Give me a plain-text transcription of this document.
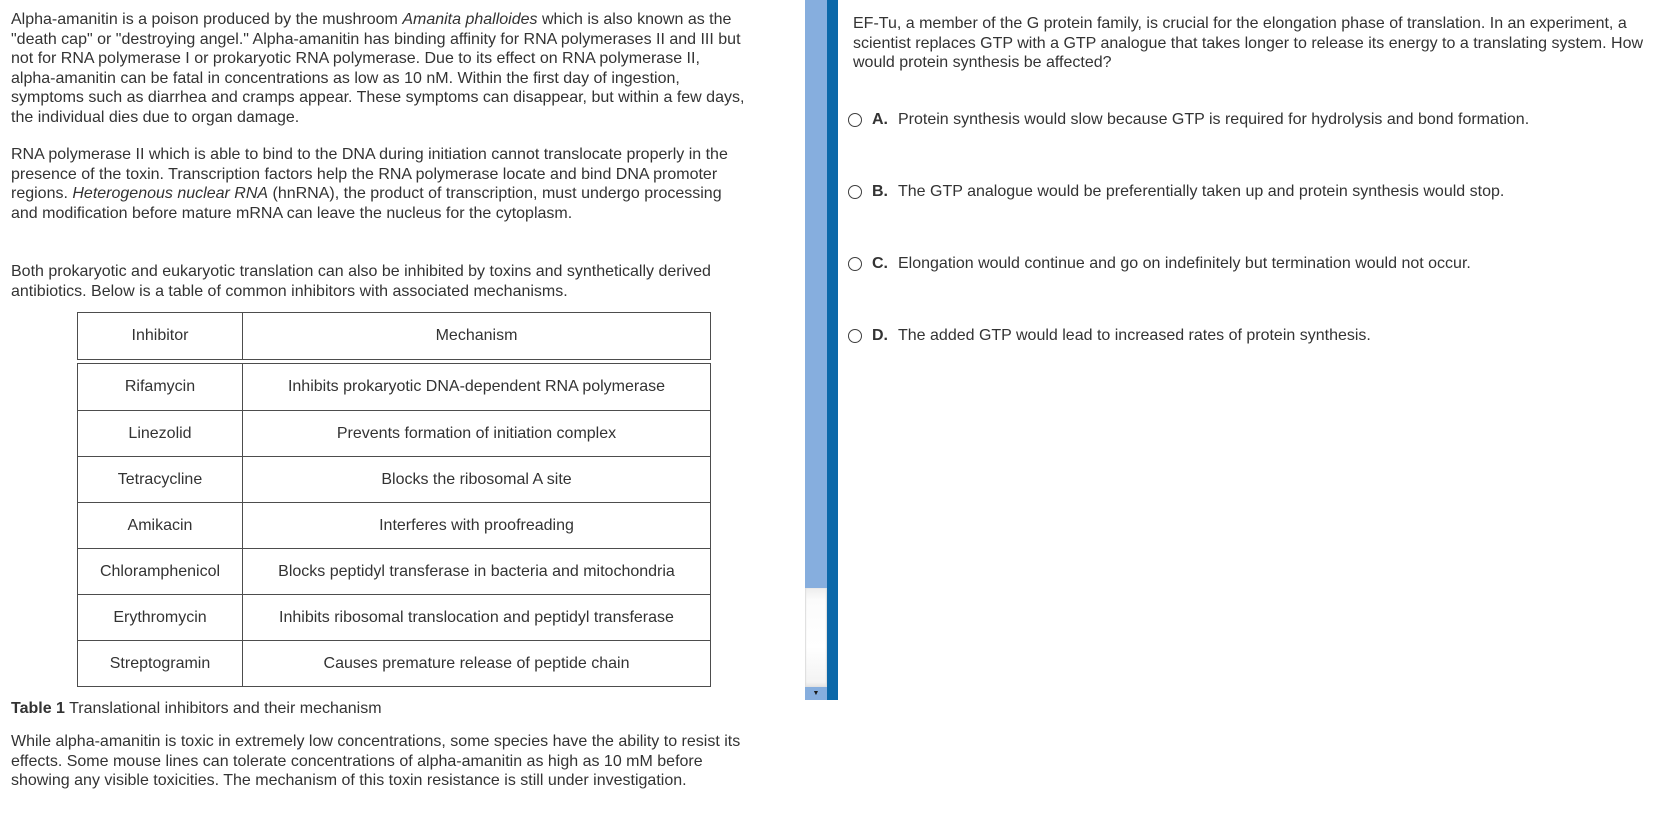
Alpha-amanitin is a poison produced by the mushroom Amanita phalloides which is also known as the "death cap" or "destroying angel." Alpha-amanitin has binding affinity for RNA polymerases II and III but not for RNA polymerase I or prokaryotic RNA polymerase. Due to its effect on RNA polymerase II, alpha-amanitin can be fatal in concentrations as low as 10 nM. Within the first day of ingestion, symptoms such as diarrhea and cramps appear. These symptoms can disappear, but within a few days, the individual dies due to organ damage.

RNA polymerase II which is able to bind to the DNA during initiation cannot translocate properly in the presence of the toxin. Transcription factors help the RNA polymerase locate and bind DNA promoter regions. Heterogenous nuclear RNA (hnRNA), the product of transcription, must undergo processing and modification before mature mRNA can leave the nucleus for the cytoplasm.

Both prokaryotic and eukaryotic translation can also be inhibited by toxins and synthetically derived antibiotics. Below is a table of common inhibitors with associated mechanisms.

Inhibitor	Mechanism
Rifamycin	Inhibits prokaryotic DNA-dependent RNA polymerase
Linezolid	Prevents formation of initiation complex
Tetracycline	Blocks the ribosomal A site
Amikacin	Interferes with proofreading
Chloramphenicol	Blocks peptidyl transferase in bacteria and mitochondria
Erythromycin	Inhibits ribosomal translocation and peptidyl transferase
Streptogramin	Causes premature release of peptide chain

Table 1 Translational inhibitors and their mechanism

While alpha-amanitin is toxic in extremely low concentrations, some species have the ability to resist its effects. Some mouse lines can tolerate concentrations of alpha-amanitin as high as 10 mM before showing any visible toxicities. The mechanism of this toxin resistance is still under investigation.

▼

EF-Tu, a member of the G protein family, is crucial for the elongation phase of translation. In an experiment, a scientist replaces GTP with a GTP analogue that takes longer to release its energy to a translating system. How would protein synthesis be affected?

A. Protein synthesis would slow because GTP is required for hydrolysis and bond formation.
B. The GTP analogue would be preferentially taken up and protein synthesis would stop.
C. Elongation would continue and go on indefinitely but termination would not occur.
D. The added GTP would lead to increased rates of protein synthesis.
